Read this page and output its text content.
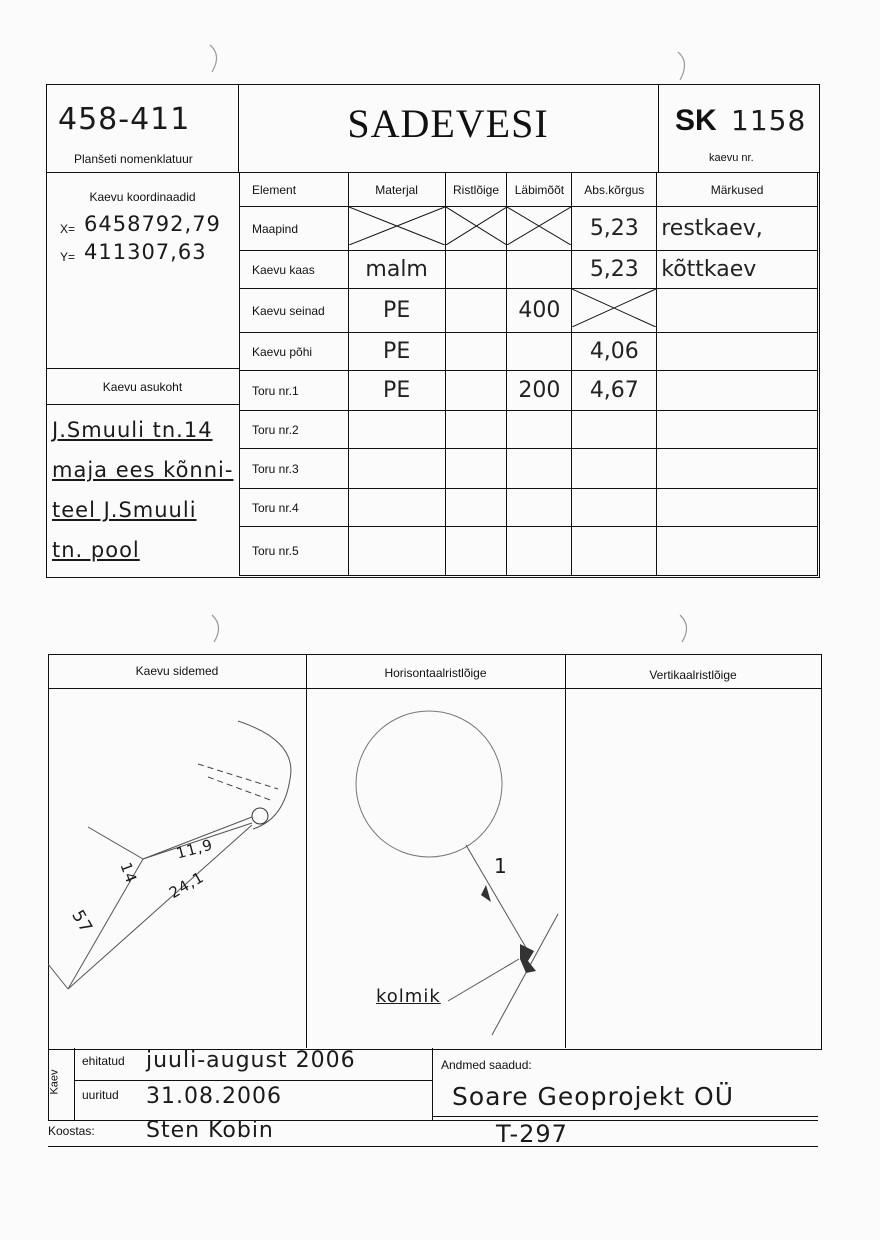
458-411
Planšeti nomenklatuur
SADEVESI	SK 1158
kaevu nr.
Kaevu koordinaadid
X= 6458792,79
Y= 411307,63
Kaevu asukoht
J.Smuuli tn.14
maja ees kõnni-
teel J.Smuuli
tn. pool
Element	Materjal	Ristlõige	Läbimõõt	Abs.kõrgus	Märkused
Maapind				5,23	restkaev,
Kaevu kaas	malm			5,23	kõttkaev
Kaevu seinad	PE		400		
Kaevu põhi	PE			4,06	
Toru nr.1	PE		200	4,67	
Toru nr.2					
Toru nr.3					
Toru nr.4					
Toru nr.5					
Kaevu sidemed	Horisontaalristlõige	Vertikaalristlõige
11,9
14 24,1
57
1
kolmik
Kaev
ehitatud juuli-august 2006
uuritud 31.08.2006
Koostas: Sten Kobin
Andmed saadud:
Soare Geoprojekt OÜ
T-297
